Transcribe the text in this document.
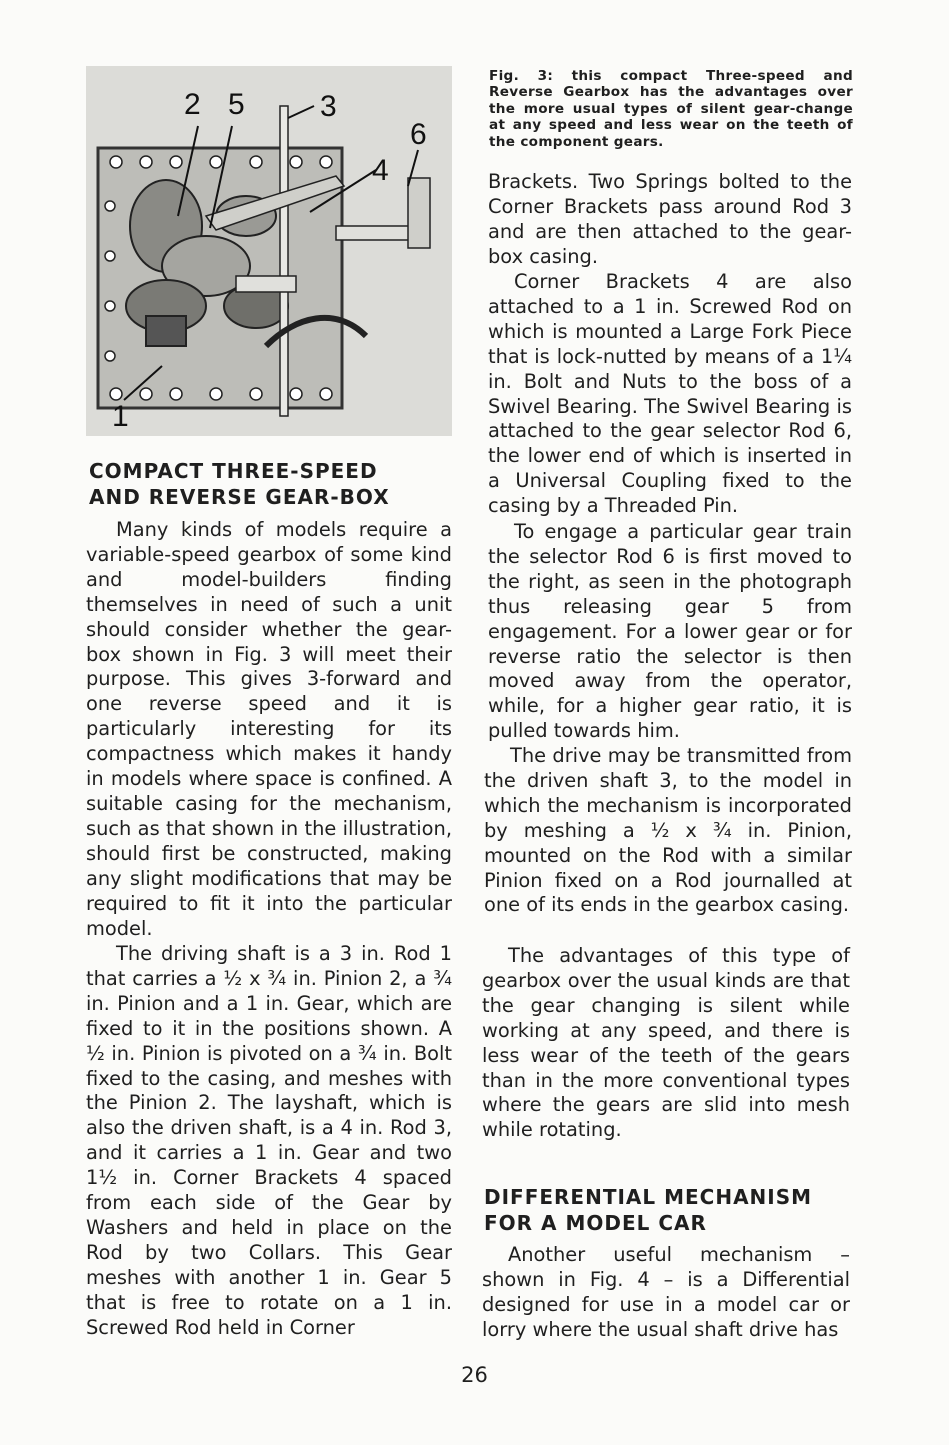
2 5	3
6
4
1

Fig. 3: this compact Three-speed and Reverse Gearbox has the advantages over the more usual types of silent gear-change at any speed and less wear on the teeth of the component gears.

COMPACT THREE-SPEED
AND REVERSE GEAR-BOX

Many kinds of models require a variable-speed gearbox of some kind and model-builders finding themselves in need of such a unit should consider whether the gear-box shown in Fig. 3 will meet their purpose. This gives 3-forward and one reverse speed and it is particularly interesting for its compactness which makes it handy in models where space is confined. A suitable casing for the mechanism, such as that shown in the illustration, should first be constructed, making any slight modifications that may be required to fit it into the particular model.

The driving shaft is a 3 in. Rod 1 that carries a ½ x ¾ in. Pinion 2, a ¾ in. Pinion and a 1 in. Gear, which are fixed to it in the positions shown. A ½ in. Pinion is pivoted on a ¾ in. Bolt fixed to the casing, and meshes with the Pinion 2. The layshaft, which is also the driven shaft, is a 4 in. Rod 3, and it carries a 1 in. Gear and two 1½ in. Corner Brackets 4 spaced from each side of the Gear by Washers and held in place on the Rod by two Collars. This Gear meshes with another 1 in. Gear 5 that is free to rotate on a 1 in. Screwed Rod held in Corner

Brackets. Two Springs bolted to the Corner Brackets pass around Rod 3 and are then attached to the gear-box casing.

Corner Brackets 4 are also attached to a 1 in. Screwed Rod on which is mounted a Large Fork Piece that is lock-nutted by means of a 1¼ in. Bolt and Nuts to the boss of a Swivel Bearing. The Swivel Bearing is attached to the gear selector Rod 6, the lower end of which is inserted in a Universal Coupling fixed to the casing by a Threaded Pin.

To engage a particular gear train the selector Rod 6 is first moved to the right, as seen in the photograph thus releasing gear 5 from engagement. For a lower gear or for reverse ratio the selector is then moved away from the operator, while, for a higher gear ratio, it is pulled towards him.

The drive may be transmitted from the driven shaft 3, to the model in which the mechanism is incorporated by meshing a ½ x ¾ in. Pinion, mounted on the Rod with a similar Pinion fixed on a Rod journalled at one of its ends in the gearbox casing.

The advantages of this type of gearbox over the usual kinds are that the gear changing is silent while working at any speed, and there is less wear of the teeth of the gears than in the more conventional types where the gears are slid into mesh while rotating.

DIFFERENTIAL MECHANISM
FOR A MODEL CAR

Another useful mechanism – shown in Fig. 4 – is a Differential designed for use in a model car or lorry where the usual shaft drive has

26
